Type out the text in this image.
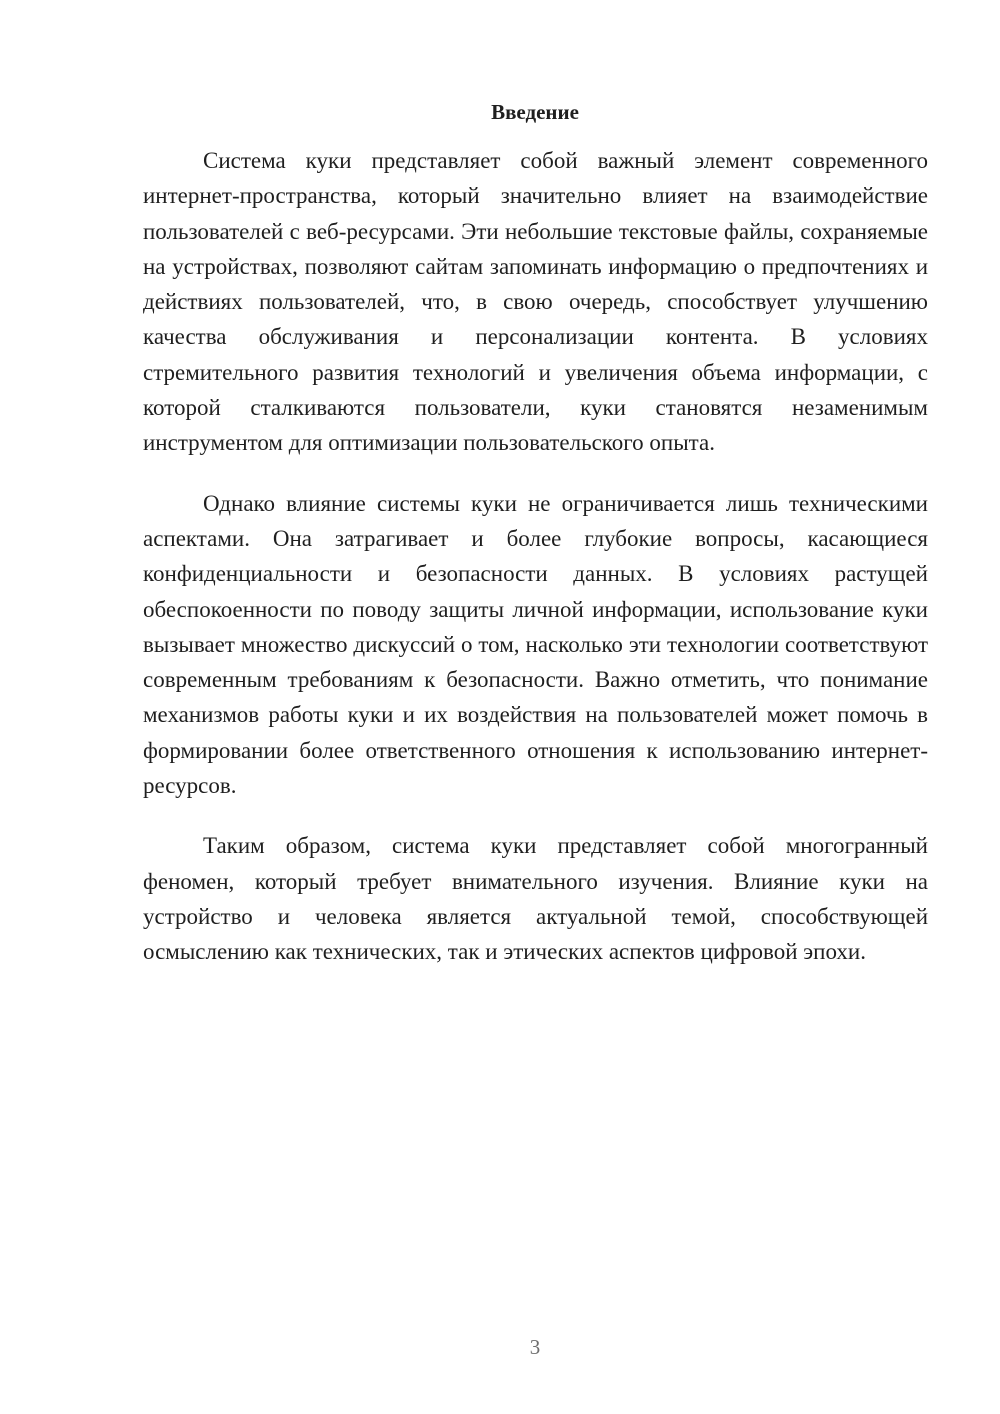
Введение

Система куки представляет собой важный элемент современного интернет-пространства, который значительно влияет на взаимодействие пользователей с веб-ресурсами. Эти небольшие текстовые файлы, сохраняемые на устройствах, позволяют сайтам запоминать информацию о предпочтениях и действиях пользователей, что, в свою очередь, способствует улучшению качества обслуживания и персонализации контента. В условиях стремительного развития технологий и увеличения объема информации, с которой сталкиваются пользователи, куки становятся незаменимым инструментом для оптимизации пользовательского опыта.

Однако влияние системы куки не ограничивается лишь техническими аспектами. Она затрагивает и более глубокие вопросы, касающиеся конфиденциальности и безопасности данных. В условиях растущей обеспокоенности по поводу защиты личной информации, использование куки вызывает множество дискуссий о том, насколько эти технологии соответствуют современным требованиям к безопасности. Важно отметить, что понимание механизмов работы куки и их воздействия на пользователей может помочь в формировании более ответственного отношения к использованию интернет-ресурсов.

Таким образом, система куки представляет собой многогранный феномен, который требует внимательного изучения. Влияние куки на устройство и человека является актуальной темой, способствующей осмыслению как технических, так и этических аспектов цифровой эпохи.

3
